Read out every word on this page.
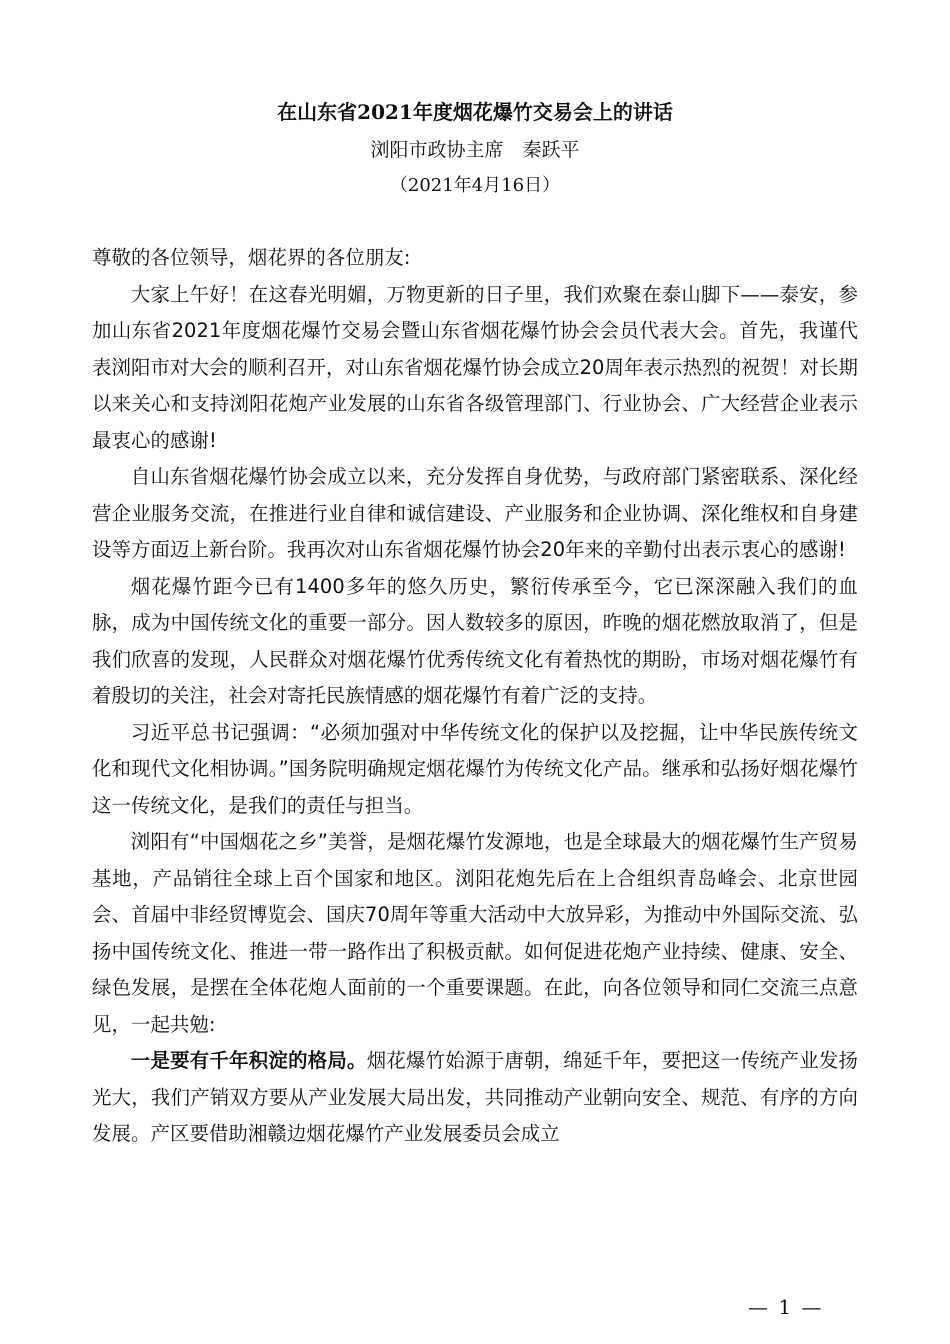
在山东省2021年度烟花爆竹交易会上的讲话
浏阳市政协主席　秦跃平
（2021年4月16日）

尊敬的各位领导，烟花界的各位朋友:

大家上午好！在这春光明媚，万物更新的日子里，我们欢聚在泰山脚下——泰安，参加山东省2021年度烟花爆竹交易会暨山东省烟花爆竹协会会员代表大会。首先，我谨代表浏阳市对大会的顺利召开，对山东省烟花爆竹协会成立20周年表示热烈的祝贺！对长期以来关心和支持浏阳花炮产业发展的山东省各级管理部门、行业协会、广大经营企业表示最衷心的感谢!

自山东省烟花爆竹协会成立以来，充分发挥自身优势，与政府部门紧密联系、深化经营企业服务交流，在推进行业自律和诚信建设、产业服务和企业协调、深化维权和自身建设等方面迈上新台阶。我再次对山东省烟花爆竹协会20年来的辛勤付出表示衷心的感谢!

烟花爆竹距今已有1400多年的悠久历史，繁衍传承至今，它已深深融入我们的血脉，成为中国传统文化的重要一部分。因人数较多的原因，昨晚的烟花燃放取消了，但是我们欣喜的发现，人民群众对烟花爆竹优秀传统文化有着热忱的期盼，市场对烟花爆竹有着殷切的关注，社会对寄托民族情感的烟花爆竹有着广泛的支持。

习近平总书记强调：“必须加强对中华传统文化的保护以及挖掘，让中华民族传统文化和现代文化相协调。”国务院明确规定烟花爆竹为传统文化产品。继承和弘扬好烟花爆竹这一传统文化，是我们的责任与担当。

浏阳有“中国烟花之乡”美誉，是烟花爆竹发源地，也是全球最大的烟花爆竹生产贸易基地，产品销往全球上百个国家和地区。浏阳花炮先后在上合组织青岛峰会、北京世园会、首届中非经贸博览会、国庆70周年等重大活动中大放异彩，为推动中外国际交流、弘扬中国传统文化、推进一带一路作出了积极贡献。如何促进花炮产业持续、健康、安全、绿色发展，是摆在全体花炮人面前的一个重要课题。在此，向各位领导和同仁交流三点意见，一起共勉:

一是要有千年积淀的格局。烟花爆竹始源于唐朝，绵延千年，要把这一传统产业发扬光大，我们产销双方要从产业发展大局出发，共同推动产业朝向安全、规范、有序的方向发展。产区要借助湘赣边烟花爆竹产业发展委员会成立

— 1 —
